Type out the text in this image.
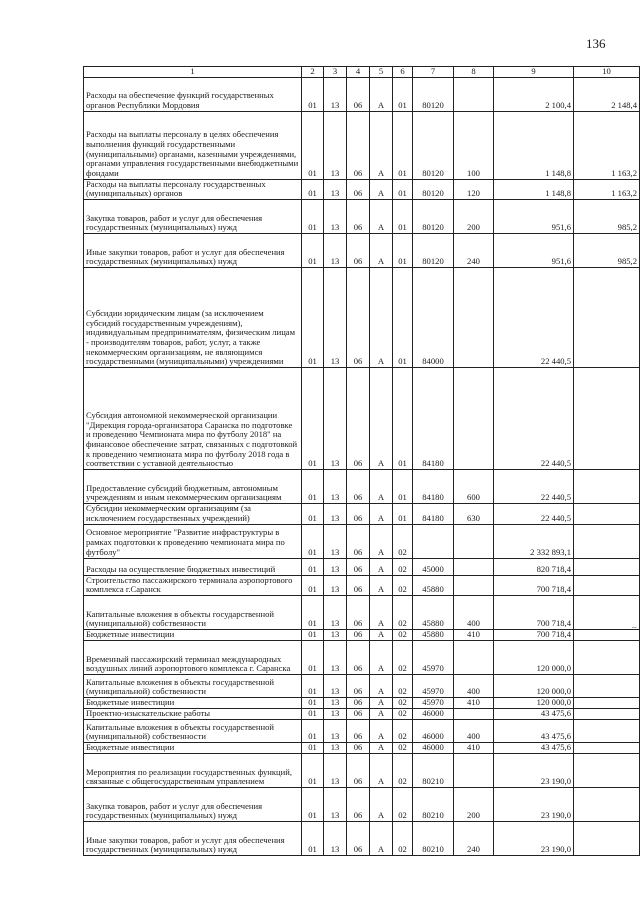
136
1	2	3	4	5	6	7	8	9	10
Расходы на обеспечение функций государственных органов Республики Мордовия	01	13	06	А	01	80120		2 100,4	2 148,4
Расходы на выплаты персоналу в целях обеспечения выполнения функций государственными (муниципальными) органами, казенными учреждениями, органами управления государственными внебюджетными фондами	01	13	06	А	01	80120	100	1 148,8	1 163,2
Расходы на выплаты персоналу государственных (муниципальных) органов	01	13	06	А	01	80120	120	1 148,8	1 163,2
Закупка товаров, работ и услуг для обеспечения государственных (муниципальных) нужд	01	13	06	А	01	80120	200	951,6	985,2
Иные закупки товаров, работ и услуг для обеспечения государственных (муниципальных) нужд	01	13	06	А	01	80120	240	951,6	985,2
Субсидии юридическим лицам (за исключением субсидий государственным учреждениям), индивидуальным предпринимателям, физическим лицам - производителям товаров, работ, услуг, а также некоммерческим организациям, не являющимся государственными (муниципальными) учреждениями	01	13	06	А	01	84000		22 440,5	
Субсидия автономной некоммерческой организации "Дирекция города-организатора Саранска по подготовке и проведению Чемпионата мира по футболу 2018" на финансовое обеспечение затрат, связанных с подготовкой к проведению чемпионата мира по футболу 2018 года в соответствии с уставной деятельностью	01	13	06	А	01	84180		22 440,5	
Предоставление субсидий бюджетным, автономным учреждениям и иным некоммерческим организациям	01	13	06	А	01	84180	600	22 440,5	
Субсидии некоммерческим организациям (за исключением государственных учреждений)	01	13	06	А	01	84180	630	22 440,5	
Основное мероприятие "Развитие инфраструктуры в рамках подготовки к проведению чемпионата мира по футболу"	01	13	06	А	02			2 332 893,1	
Расходы на осуществление бюджетных инвестиций	01	13	06	А	02	45000		820 718,4	
Строительство пассажирского терминала аэропортового комплекса г.Саранск	01	13	06	А	02	45880		700 718,4	
Капитальные вложения в объекты государственной (муниципальной) собственности	01	13	06	А	02	45880	400	700 718,4	
Бюджетные инвестиции	01	13	06	А	02	45880	410	700 718,4	
Временный пассажирский терминал международных воздушных линий аэропортового комплекса г. Саранска	01	13	06	А	02	45970		120 000,0	
Капитальные вложения в объекты государственной (муниципальной) собственности	01	13	06	А	02	45970	400	120 000,0	
Бюджетные инвестиции	01	13	06	А	02	45970	410	120 000,0	
Проектно-изыскательские работы	01	13	06	А	02	46000		43 475,6	
Капитальные вложения в объекты государственной (муниципальной) собственности	01	13	06	А	02	46000	400	43 475,6	
Бюджетные инвестиции	01	13	06	А	02	46000	410	43 475,6	
Мероприятия по реализации государственных функций, связанные с общегосударственным управлением	01	13	06	А	02	80210		23 190,0	
Закупка товаров, работ и услуг для обеспечения государственных (муниципальных) нужд	01	13	06	А	02	80210	200	23 190,0	
Иные закупки товаров, работ и услуг для обеспечения государственных (муниципальных) нужд	01	13	06	А	02	80210	240	23 190,0	
–
